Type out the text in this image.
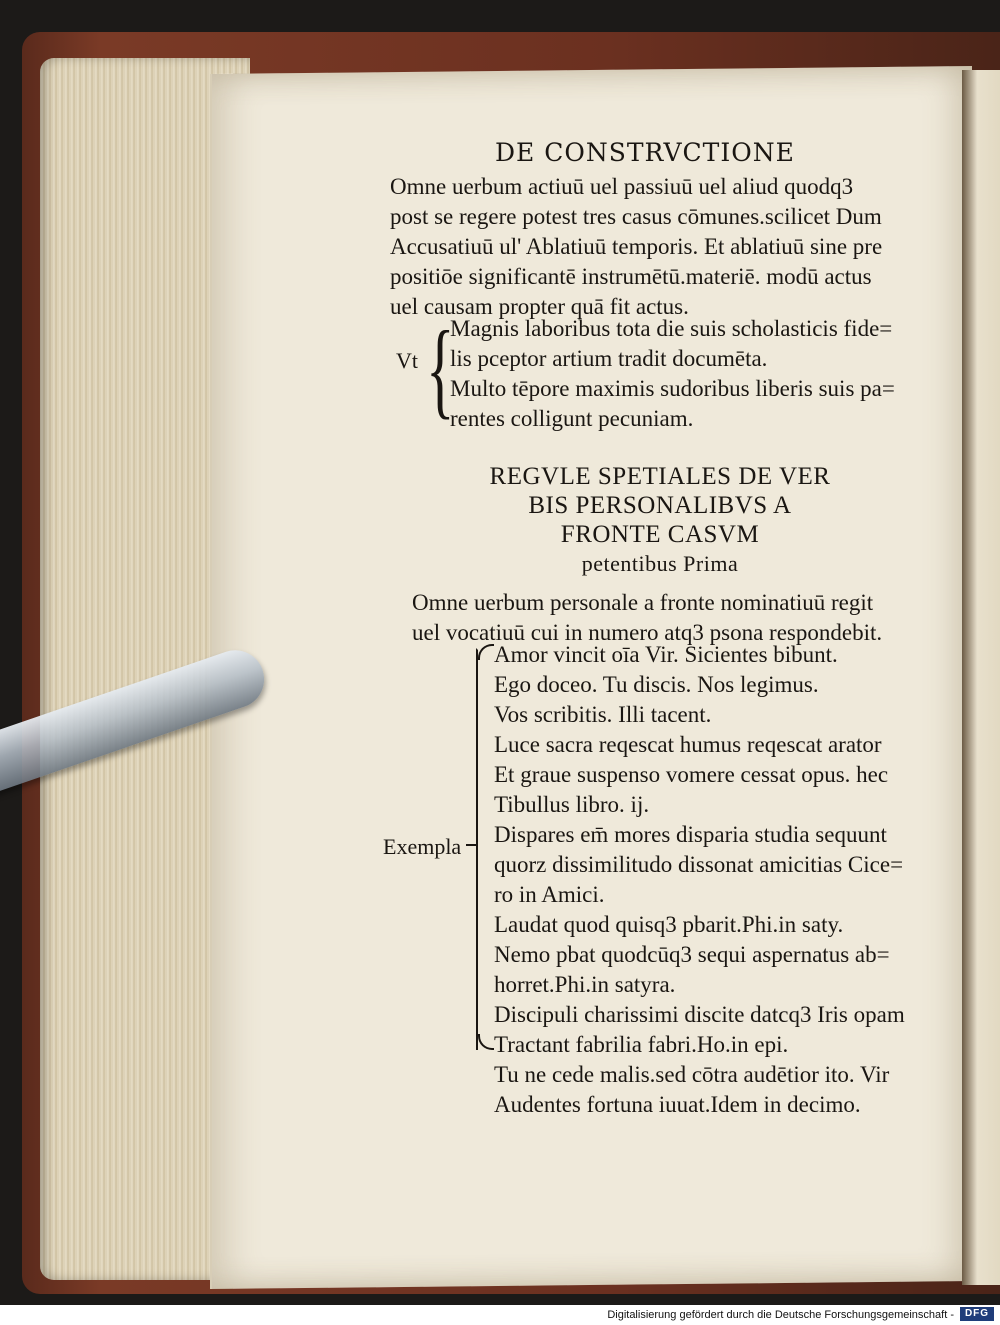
DE CONSTRVCTIONE
Omne uerbum actiuū uel passiuū uel aliud quodq3
post se regere potest tres casus cōmunes.scilicet Dum
Accusatiuū ul' Ablatiuū temporis. Et ablatiuū sine pre
positiōe significantē instrumētū.materiē. modū actus
uel causam propter quā fit actus.
Vt {
Magnis laboribus tota die suis scholasticis fide=
lis pceptor artium tradit documēta.
Multo tēpore maximis sudoribus liberis suis pa=
rentes colligunt pecuniam.
REGVLE SPETIALES DE VER
BIS PERSONALIBVS A
FRONTE CASVM
petentibus Prima
Omne uerbum personale a fronte nominatiuū regit
uel vocatiuū cui in numero atq3 psona respondebit.
Exempla
Amor vincit oīa Vir. Sicientes bibunt.
Ego doceo. Tu discis. Nos legimus.
Vos scribitis. Illi tacent.
Luce sacra reqescat humus reqescat arator
Et graue suspenso vomere cessat opus. hec
Tibullus libro. ij.
Dispares em̄ mores disparia studia sequunt
quorz dissimilitudo dissonat amicitias Cice=
ro in Amici.
Laudat quod quisq3 pbarit.Phi.in saty.
Nemo pbat quodcūq3 sequi aspernatus ab=
horret.Phi.in satyra.
Discipuli charissimi discite datcq3 Iris opam
Tractant fabrilia fabri.Ho.in epi.
Tu ne cede malis.sed cōtra audētior ito. Vir
Audentes fortuna iuuat.Idem in decimo.
Digitalisierung gefördert durch die Deutsche Forschungsgemeinschaft -	DFG
